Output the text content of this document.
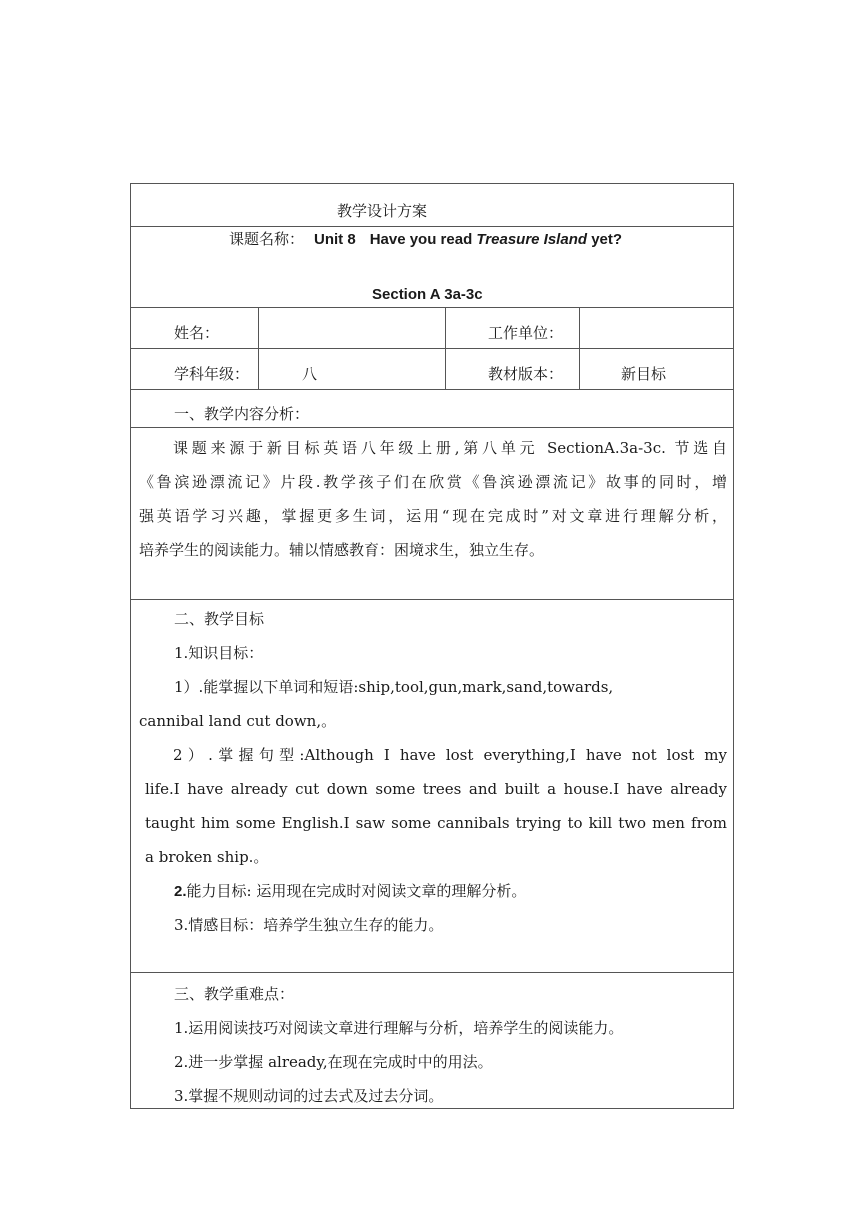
教学设计方案
课题名称： Unit 8 Have you read Treasure Island yet?
Section A 3a-3c
姓名：	工作单位：
学科年级：	八	教材版本：	新目标
一、教学内容分析：
课题来源于新目标英语八年级上册,第八单元 SectionA.3a-3c. 节选自
《鲁滨逊漂流记》片段.教学孩子们在欣赏《鲁滨逊漂流记》故事的同时，增
强英语学习兴趣，掌握更多生词，运用“现在完成时”对文章进行理解分析，
培养学生的阅读能力。辅以情感教育：困境求生，独立生存。
二、教学目标
1.知识目标：
1）.能掌握以下单词和短语:ship,tool,gun,mark,sand,towards,
cannibal land cut down,。
2）.掌握句型:Although I have lost everything,I have not lost my
life.I have already cut down some trees and built a house.I have already
taught him some English.I saw some cannibals trying to kill two men from
a broken ship.。
2.能力目标: 运用现在完成时对阅读文章的理解分析。
3.情感目标：培养学生独立生存的能力。
三、教学重难点：
1.运用阅读技巧对阅读文章进行理解与分析，培养学生的阅读能力。
2.进一步掌握 already,在现在完成时中的用法。
3.掌握不规则动词的过去式及过去分词。
